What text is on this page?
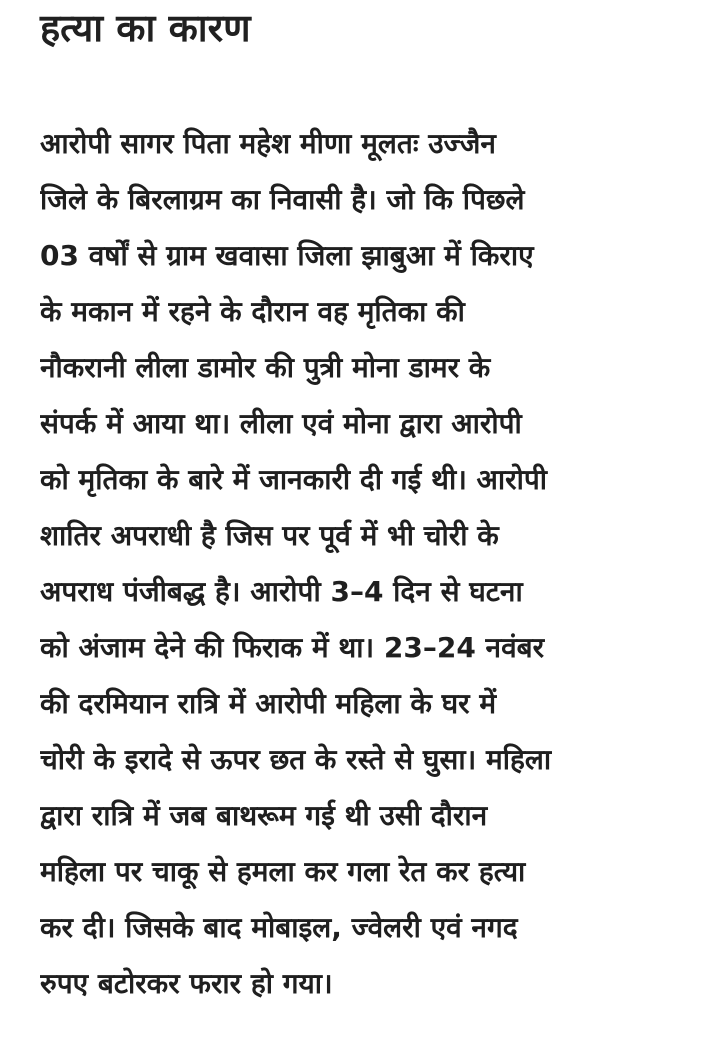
हत्या का कारण

आरोपी सागर पिता महेश मीणा मूलतः उज्जैन
जिले के बिरलाग्रम का निवासी है। जो कि पिछले
03 वर्षों से ग्राम खवासा जिला झाबुआ में किराए
के मकान में रहने के दौरान वह मृतिका की
नौकरानी लीला डामोर की पुत्री मोना डामर के
संपर्क में आया था। लीला एवं मोना द्वारा आरोपी
को मृतिका के बारे में जानकारी दी गई थी। आरोपी
शातिर अपराधी है जिस पर पूर्व में भी चोरी के
अपराध पंजीबद्ध है। आरोपी 3–4 दिन से घटना
को अंजाम देने की फिराक में था। 23–24 नवंबर
की दरमियान रात्रि में आरोपी महिला के घर में
चोरी के इरादे से ऊपर छत के रस्ते से घुसा। महिला
द्वारा रात्रि में जब बाथरूम गई थी उसी दौरान
महिला पर चाकू से हमला कर गला रेत कर हत्या
कर दी। जिसके बाद मोबाइल, ज्वेलरी एवं नगद
रुपए बटोरकर फरार हो गया।
